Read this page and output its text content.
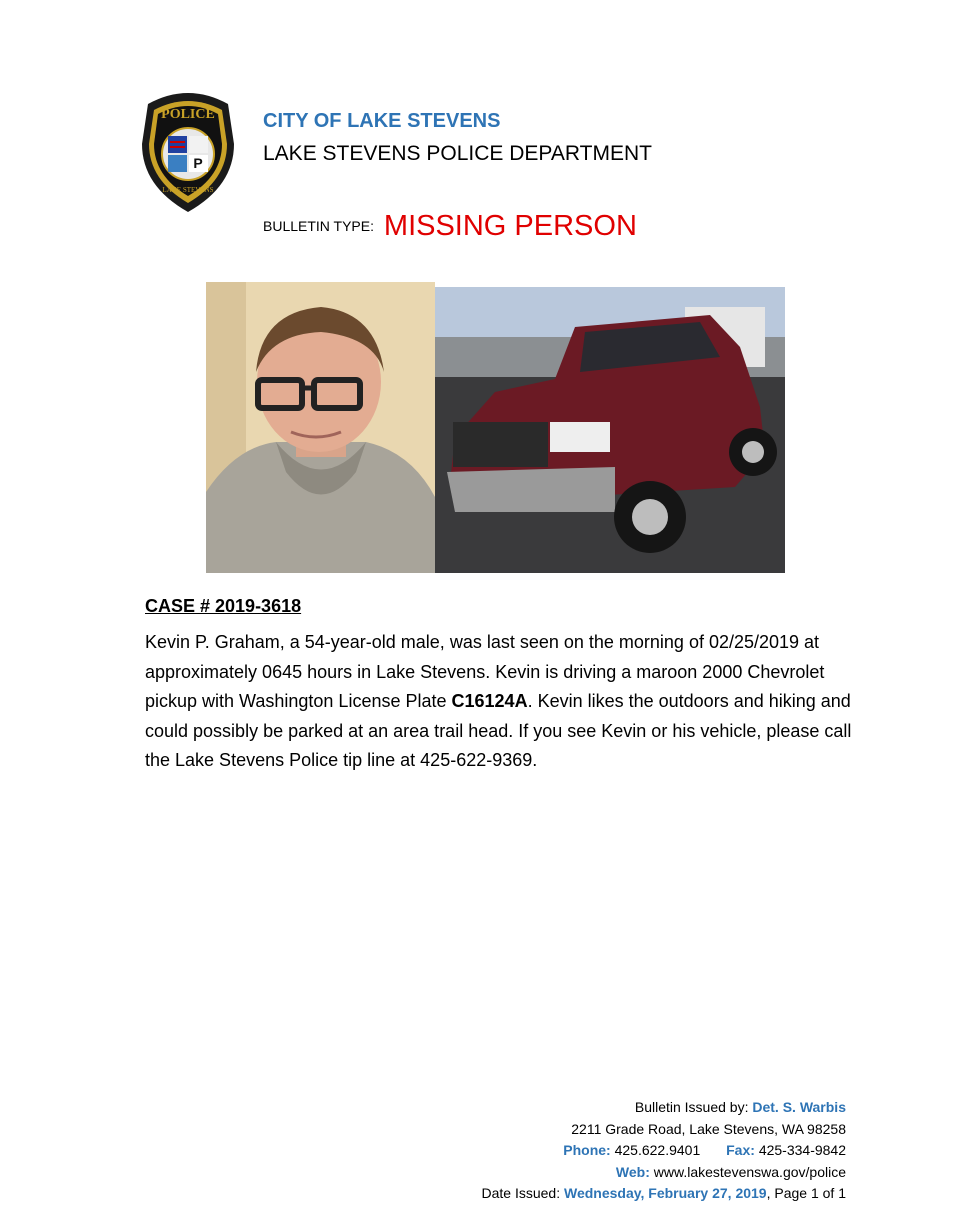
POLICE
P
LAKE STEVENS
CITY OF LAKE STEVENS
LAKE STEVENS POLICE DEPARTMENT
BULLETIN TYPE: MISSING PERSON
CASE # 2019-3618

Kevin P. Graham, a 54-year-old male, was last seen on the morning of 02/25/2019 at approximately 0645 hours in Lake Stevens. Kevin is driving a maroon 2000 Chevrolet pickup with Washington License Plate C16124A. Kevin likes the outdoors and hiking and could possibly be parked at an area trail head. If you see Kevin or his vehicle, please call the Lake Stevens Police tip line at 425-622-9369.

Bulletin Issued by: Det. S. Warbis
2211 Grade Road, Lake Stevens, WA 98258
Phone: 425.622.9401 Fax: 425-334-9842
Web: www.lakestevenswa.gov/police
Date Issued: Wednesday, February 27, 2019, Page 1 of 1
